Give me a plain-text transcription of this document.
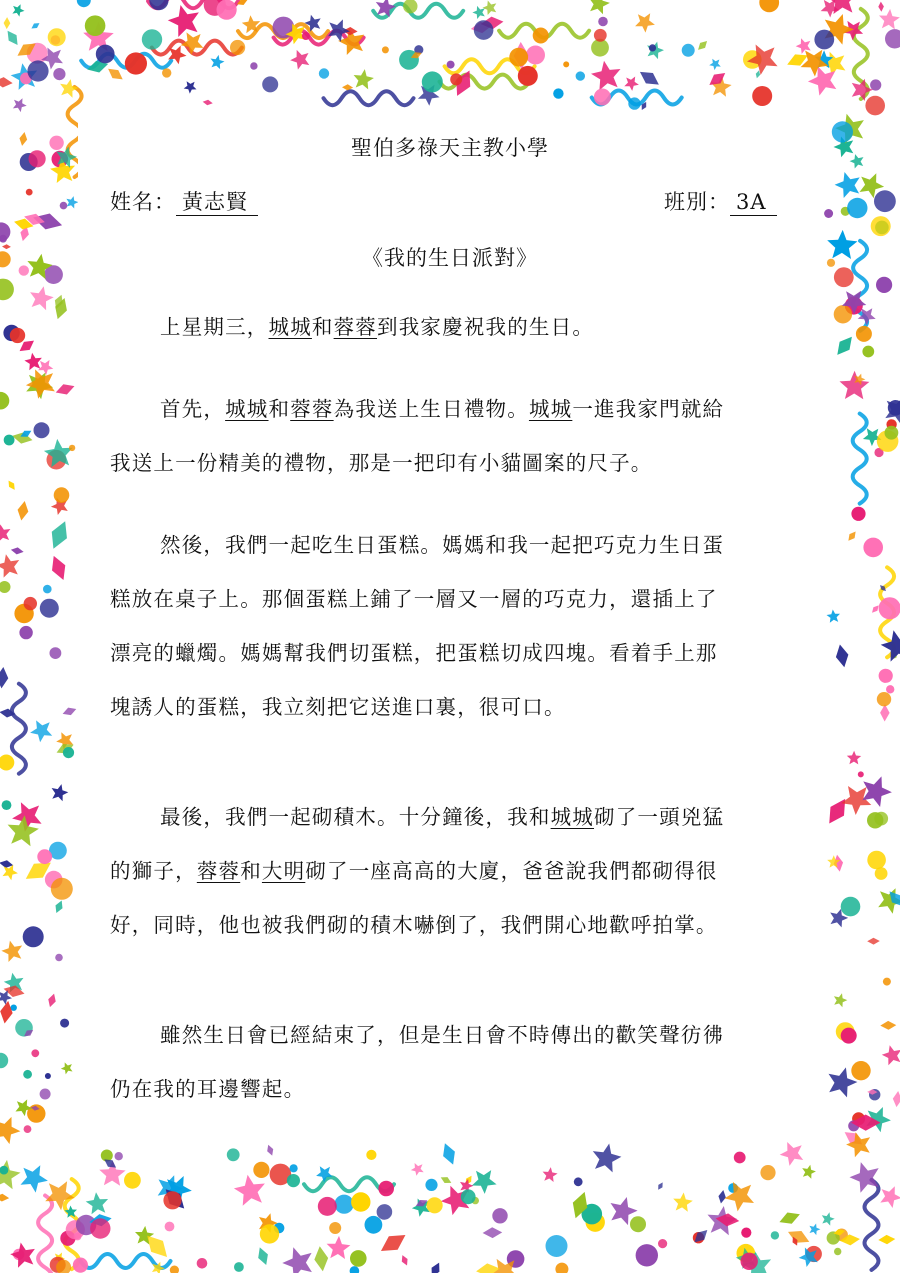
聖伯多祿天主教小學
姓名： 黃志賢	班別： 3A
《我的生日派對》
上星期三，城城和蓉蓉到我家慶祝我的生日。
首先，城城和蓉蓉為我送上生日禮物。城城一進我家門就給
我送上一份精美的禮物，那是一把印有小貓圖案的尺子。
然後，我們一起吃生日蛋糕。媽媽和我一起把巧克力生日蛋
糕放在桌子上。那個蛋糕上鋪了一層又一層的巧克力，還插上了
漂亮的蠟燭。媽媽幫我們切蛋糕，把蛋糕切成四塊。看着手上那
塊誘人的蛋糕，我立刻把它送進口裏，很可口。
最後，我們一起砌積木。十分鐘後，我和城城砌了一頭兇猛
的獅子，蓉蓉和大明砌了一座高高的大廈，爸爸說我們都砌得很
好，同時，他也被我們砌的積木嚇倒了，我們開心地歡呼拍掌。
雖然生日會已經結束了，但是生日會不時傳出的歡笑聲彷彿
仍在我的耳邊響起。
